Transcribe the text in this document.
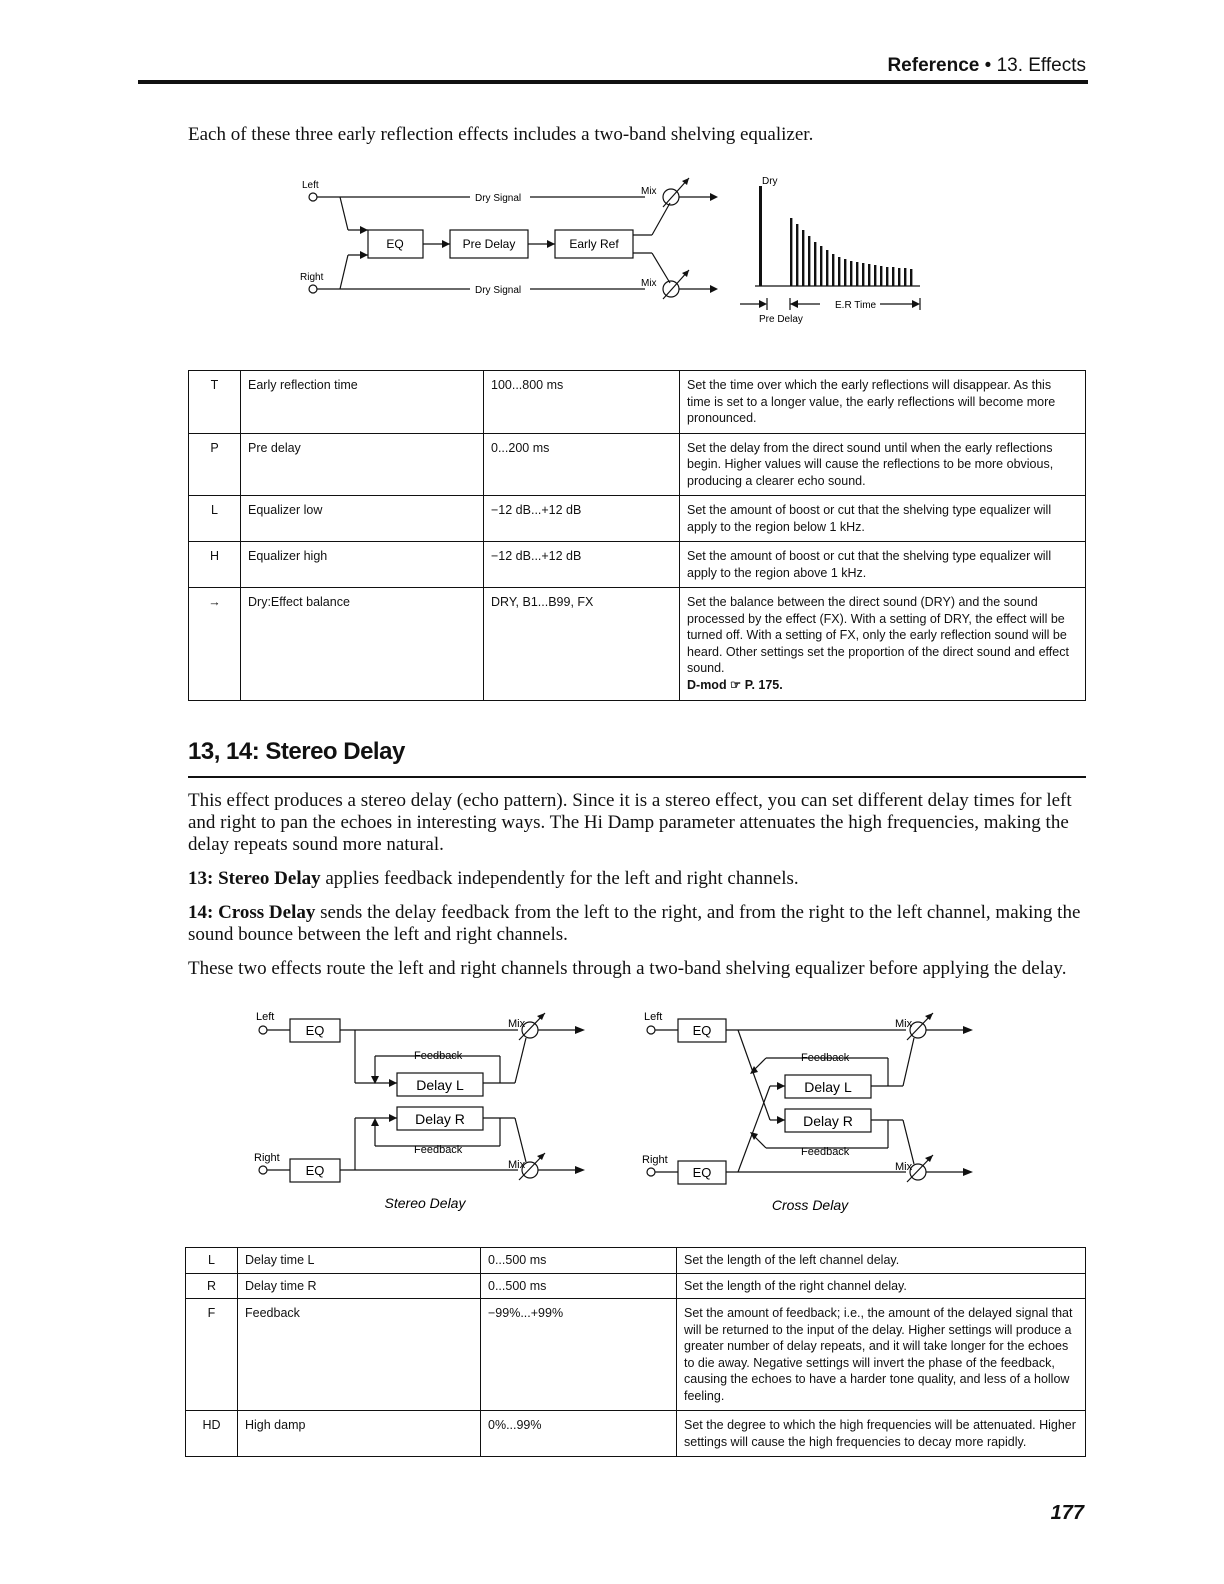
Reference • 13. Effects
Each of these three early reflection effects includes a two-band shelving equalizer.
Left
Right
Dry Signal
Dry Signal
Mix
Mix
EQ	Pre Delay	Early Ref
Dry
E.R Time
Pre Delay
T	Early reflection time	100...800 ms	Set the time over which the early reflections will disappear. As this time is set to a longer value, the early reflections will become more pronounced.
P	Pre delay	0...200 ms	Set the delay from the direct sound until when the early reflections begin. Higher values will cause the reflections to be more obvious, producing a clearer echo sound.
L	Equalizer low	−12 dB...+12 dB	Set the amount of boost or cut that the shelving type equalizer will apply to the region below 1 kHz.
H	Equalizer high	−12 dB...+12 dB	Set the amount of boost or cut that the shelving type equalizer will apply to the region above 1 kHz.
→	Dry:Effect balance	DRY, B1...B99, FX	Set the balance between the direct sound (DRY) and the sound processed by the effect (FX). With a setting of DRY, the effect will be turned off. With a setting of FX, only the early reflection sound will be heard. Other settings set the proportion of the direct sound and effect sound.
D-mod ☞ P. 175.
13, 14: Stereo Delay
This effect produces a stereo delay (echo pattern). Since it is a stereo effect, you can set different delay times for left and right to pan the echoes in interesting ways. The Hi Damp parameter attenuates the high frequencies, making the delay repeats sound more natural.
13: Stereo Delay applies feedback independently for the left and right channels.
14: Cross Delay sends the delay feedback from the left to the right, and from the right to the left channel, making the sound bounce between the left and right channels.
These two effects route the left and right channels through a two-band shelving equalizer before applying the delay.
Left
Right
EQ
EQ
Mix
Mix
Feedback
Feedback
Delay L
Delay R
Stereo Delay
Left
Right
EQ
EQ
Mix
Mix
Feedback
Feedback
Delay L
Delay R
Cross Delay
L	Delay time L	0...500 ms	Set the length of the left channel delay.
R	Delay time R	0...500 ms	Set the length of the right channel delay.
F	Feedback	−99%...+99%	Set the amount of feedback; i.e., the amount of the delayed signal that will be returned to the input of the delay. Higher settings will produce a greater number of delay repeats, and it will take longer for the echoes to die away. Negative settings will invert the phase of the feedback, causing the echoes to have a harder tone quality, and less of a hollow feeling.
HD	High damp	0%...99%	Set the degree to which the high frequencies will be attenuated. Higher settings will cause the high frequencies to decay more rapidly.
177
